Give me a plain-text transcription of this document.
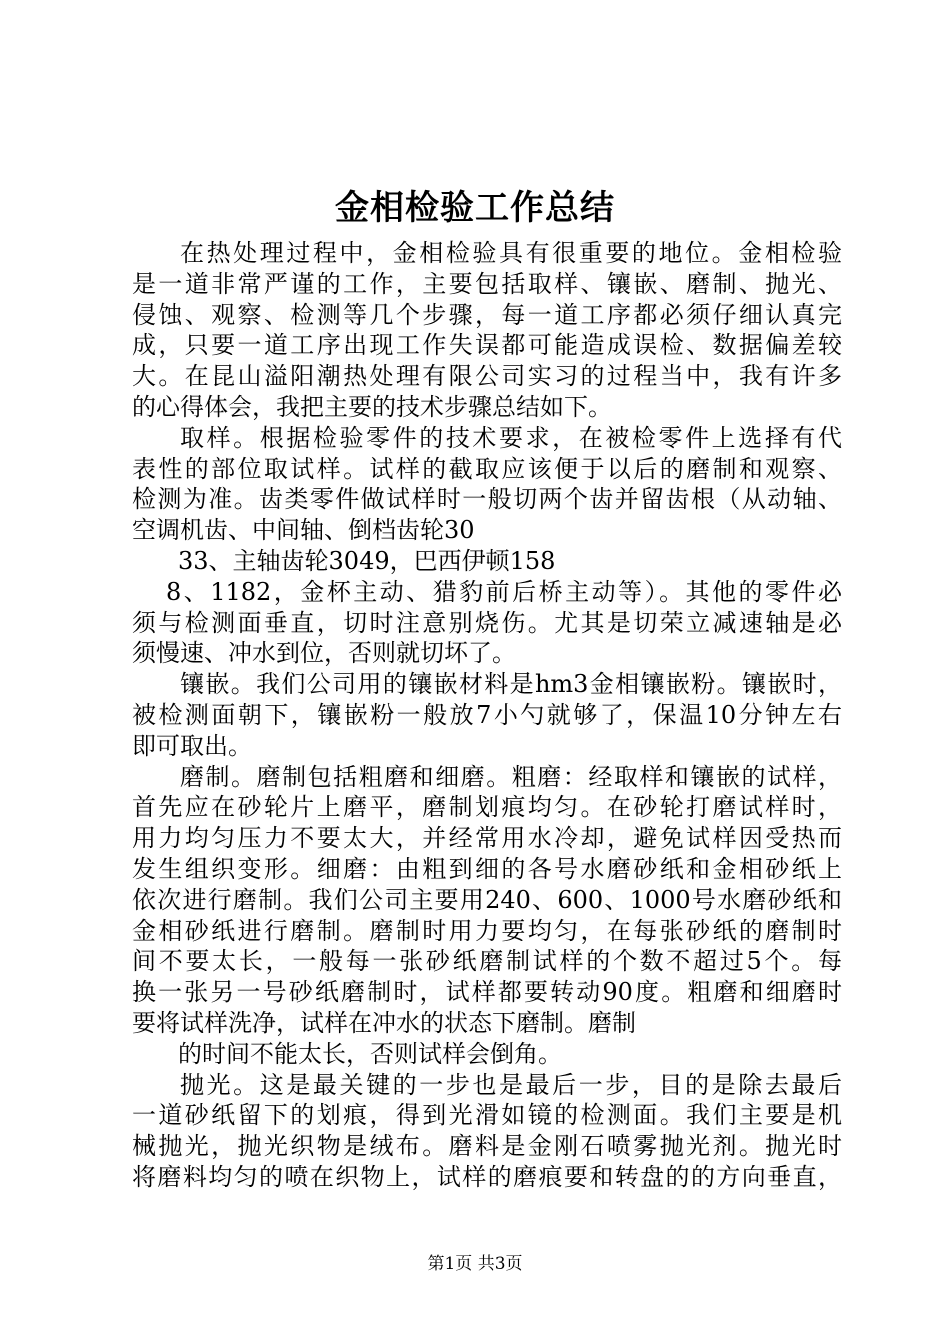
金相检验工作总结
在热处理过程中，金相检验具有很重要的地位。金相检验
是一道非常严谨的工作，主要包括取样、镶嵌、磨制、抛光、
侵蚀、观察、检测等几个步骤，每一道工序都必须仔细认真完
成，只要一道工序出现工作失误都可能造成误检、数据偏差较
大。在昆山溢阳潮热处理有限公司实习的过程当中，我有许多
的心得体会，我把主要的技术步骤总结如下。
取样。根据检验零件的技术要求，在被检零件上选择有代
表性的部位取试样。试样的截取应该便于以后的磨制和观察、
检测为准。齿类零件做试样时一般切两个齿并留齿根（从动轴、
空调机齿、中间轴、倒档齿轮30
33、主轴齿轮3049，巴西伊顿158
8、1182，金杯主动、猎豹前后桥主动等）。其他的零件必
须与检测面垂直，切时注意别烧伤。尤其是切荣立减速轴是必
须慢速、冲水到位，否则就切坏了。
镶嵌。我们公司用的镶嵌材料是hm3金相镶嵌粉。镶嵌时，
被检测面朝下，镶嵌粉一般放7小勺就够了，保温10分钟左右
即可取出。
磨制。磨制包括粗磨和细磨。粗磨：经取样和镶嵌的试样，
首先应在砂轮片上磨平，磨制划痕均匀。在砂轮打磨试样时，
用力均匀压力不要太大，并经常用水冷却，避免试样因受热而
发生组织变形。细磨：由粗到细的各号水磨砂纸和金相砂纸上
依次进行磨制。我们公司主要用240、600、1000号水磨砂纸和
金相砂纸进行磨制。磨制时用力要均匀，在每张砂纸的磨制时
间不要太长，一般每一张砂纸磨制试样的个数不超过5个。每
换一张另一号砂纸磨制时，试样都要转动90度。粗磨和细磨时
要将试样洗净，试样在冲水的状态下磨制。磨制
的时间不能太长，否则试样会倒角。
抛光。这是最关键的一步也是最后一步，目的是除去最后
一道砂纸留下的划痕，得到光滑如镜的检测面。我们主要是机
械抛光，抛光织物是绒布。磨料是金刚石喷雾抛光剂。抛光时
将磨料均匀的喷在织物上，试样的磨痕要和转盘的的方向垂直，
第1页 共3页
